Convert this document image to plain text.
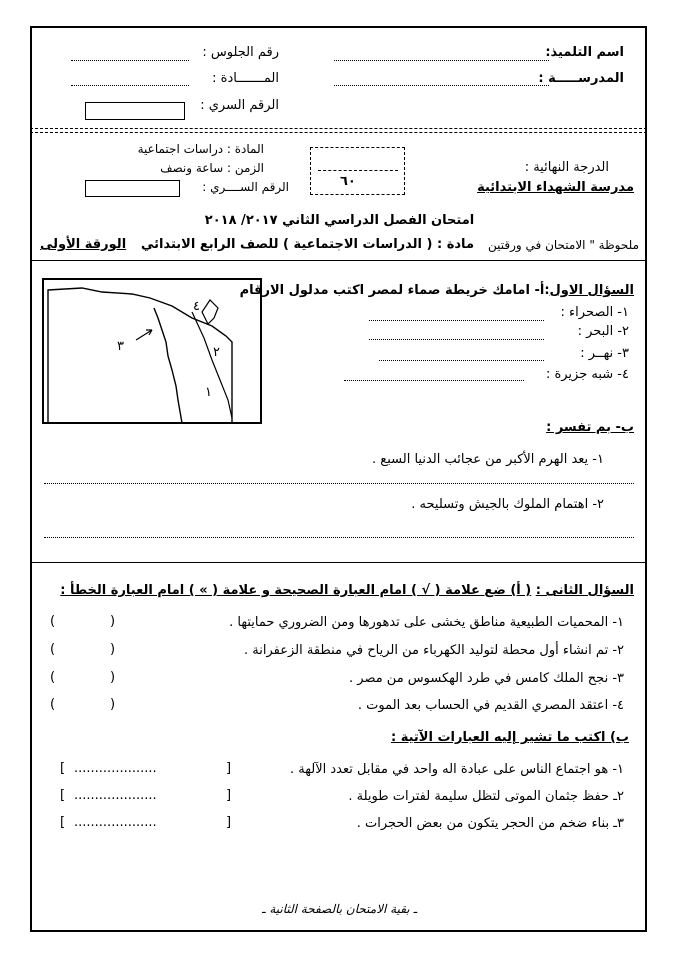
اسم التلميذ:
المدرســـــة :
رقم الجلوس :
المـــــــادة :
الرقم السري :
المادة : دراسات اجتماعية
الزمن : ساعة ونصف
الرقم الســــري :
الدرجة النهائية :
٦٠	مدرسة الشهداء الابتدائية
امتحان الفصل الدراسي الثاني ٢٠١٧/ ٢٠١٨
ملحوظة " الامتحان في ورقتين
مادة : ( الدراسات الاجتماعية ) للصف الرابع الابتدائي
الورقة الأولى
السؤال الاول:أ- امامك خريطة صماء لمصر اكتب مدلول الارقام
١- الصحراء :
٢- البحر :
٣- نهــر :
٤- شبه جزيرة :
٤
٣	٢
١
ب- بم تفسر :
١- يعد الهرم الأكبر من عجائب الدنيا السبع .
٢- اهتمام الملوك بالجيش وتسليحه .
السؤال الثانى : ( أ) ضع علامة ( √ ) امام العبارة الصحيحة و علامة ( » ) امام العبارة الخطأ :
١- المحميات الطبيعية مناطق يخشى على تدهورها ومن الضروري حمايتها .
(
)
٢- تم انشاء أول محطة لتوليد الكهرباء من الرياح في منطقة الزعفرانة .
(
)
٣- نجح الملك كامس في طرد الهكسوس من مصر .
(
)
٤- اعتقد المصري القديم في الحساب بعد الموت .
(
)
ب) اكتب ما تشير إليه العبارات الآتية :
١- هو اجتماع الناس على عبادة اله واحد في مقابل تعدد الآلهة .
[
....................
]
٢ـ حفظ جثمان الموتى لتظل سليمة لفترات طويلة .
[
....................
]
٣ـ بناء ضخم من الحجر يتكون من بعض الحجرات .
[
....................
]
ـ بقية الامتحان بالصفحة الثانية ـ
